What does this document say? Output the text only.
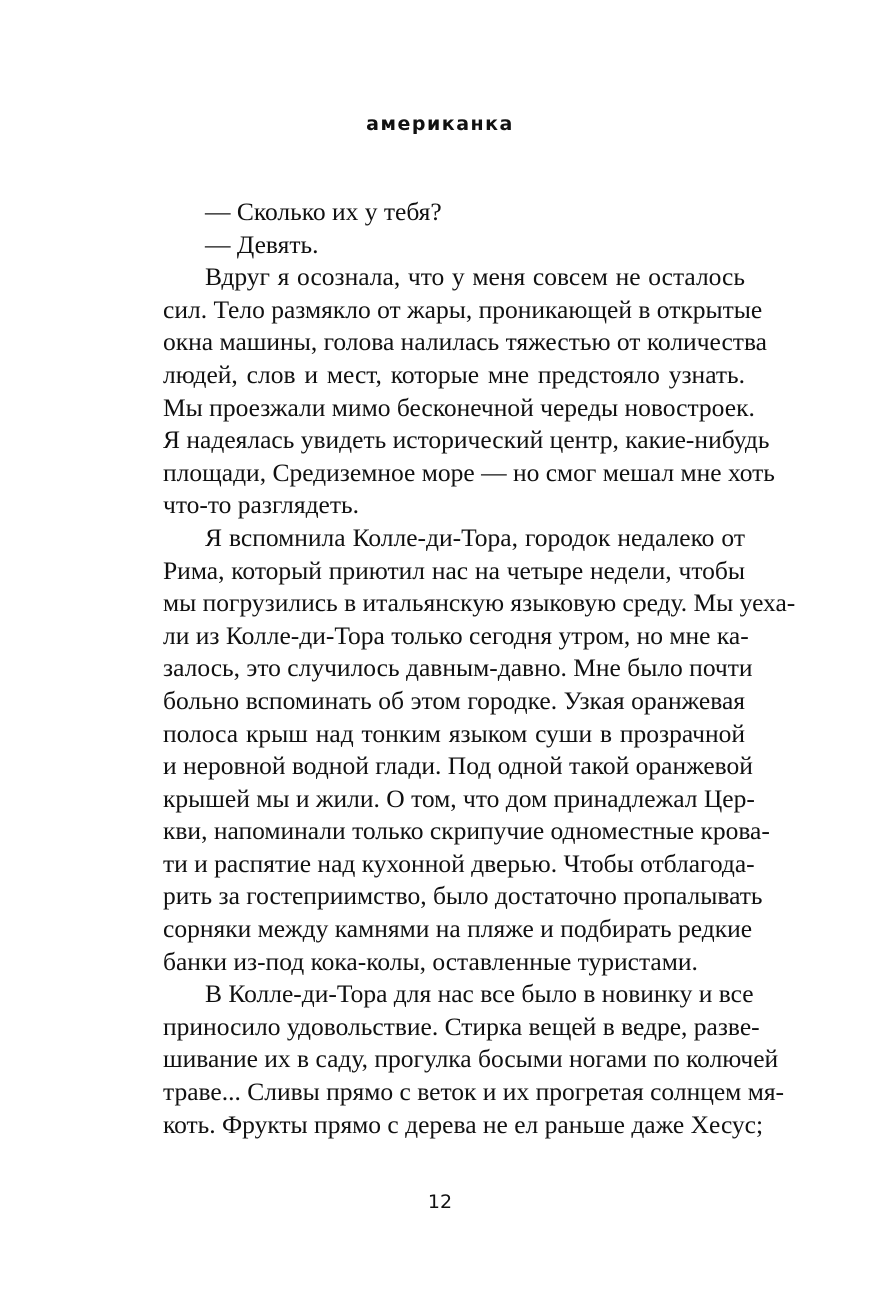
американка
— Сколько их у тебя?
— Девять.
Вдруг я осознала, что у меня совсем не осталось
сил. Тело размякло от жары, проникающей в открытые
окна машины, голова налилась тяжестью от количества
людей, слов и мест, которые мне предстояло узнать.
Мы проезжали мимо бесконечной череды новостроек.
Я надеялась увидеть исторический центр, какие-нибудь
площади, Средиземное море — но смог мешал мне хоть
что-то разглядеть.
Я вспомнила Колле-ди-Тора, городок недалеко от
Рима, который приютил нас на четыре недели, чтобы
мы погрузились в итальянскую языковую среду. Мы уеха-
ли из Колле-ди-Тора только сегодня утром, но мне ка-
залось, это случилось давным-давно. Мне было почти
больно вспоминать об этом городке. Узкая оранжевая
полоса крыш над тонким языком суши в прозрачной
и неровной водной глади. Под одной такой оранжевой
крышей мы и жили. О том, что дом принадлежал Цер-
кви, напоминали только скрипучие одноместные крова-
ти и распятие над кухонной дверью. Чтобы отблагода-
рить за гостеприимство, было достаточно пропалывать
сорняки между камнями на пляже и подбирать редкие
банки из-под кока-колы, оставленные туристами.
В Колле-ди-Тора для нас все было в новинку и все
приносило удовольствие. Стирка вещей в ведре, разве-
шивание их в саду, прогулка босыми ногами по колючей
траве... Сливы прямо с веток и их прогретая солнцем мя-
коть. Фрукты прямо с дерева не ел раньше даже Хесус;
12
